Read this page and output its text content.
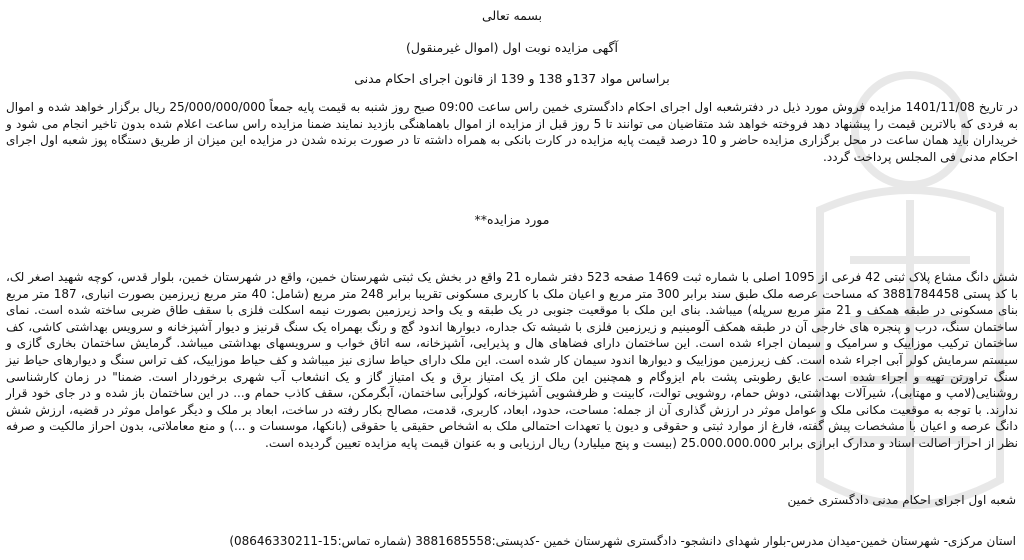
بسمه تعالی
آگهی مزایده نوبت اول (اموال غیرمنقول)
براساس مواد 137و 138 و 139 از قانون اجرای احکام مدنی
در تاریخ 1401/11/08 مزایده فروش مورد ذیل در دفترشعبه اول اجرای احکام دادگستری خمین راس ساعت 09:00 صبح روز شنبه به قیمت پایه جمعاً 25/000/000/000 ریال برگزار خواهد شده و اموال به فردی که بالاترین قیمت را پیشنهاد دهد فروخته خواهد شد متقاضیان می توانند تا 5 روز قبل از مزایده از اموال باهماهنگی بازدید نمایند ضمنا مزایده راس ساعت اعلام شده بدون تاخیر انجام می شود و خریداران باید همان ساعت در محل برگزاری مزایده حاضر و 10 درصد قیمت پایه مزایده در کارت بانکی به همراه داشته تا در صورت برنده شدن در مزایده این میزان از طریق دستگاه پوز شعبه اول اجرای احکام مدنی فی المجلس پرداخت گردد.
مورد مزایده**
شش دانگ مشاع پلاک ثبتی 42 فرعی از 1095 اصلی با شماره ثبت 1469 صفحه 523 دفتر شماره 21 واقع در بخش یک ثبتی شهرستان خمین، واقع در شهرستان خمین، بلوار قدس، کوچه شهید اصغر لک، با کد پستی 3881784458 که مساحت عرصه ملک طبق سند برابر 300 متر مربع و اعیان ملک با کاربری مسکونی تقریبا برابر 248 متر مربع (شامل: 40 متر مربع زیرزمین بصورت انباری، 187 متر مربع بنای مسکونی در طبقه همکف و 21 متر مربع سرپله) میباشد. بنای این ملک با موقعیت جنوبی در یک طبقه و یک واحد زیرزمین بصورت نیمه اسکلت فلزی با سقف طاق ضربی ساخته شده است. نمای ساختمان سنگ، درب و پنجره های خارجی آن در طبقه همکف آلومینیم و زیرزمین فلزی با شیشه تک جداره، دیوارها اندود گچ و رنگ بهمراه یک سنگ قرنیز و دیوار آشپزخانه و سرویس بهداشتی کاشی، کف ساختمان ترکیب موزاییک و سرامیک و سیمان اجراء شده است. این ساختمان دارای فضاهای هال و پذیرایی، آشپزخانه، سه اتاق خواب و سرویسهای بهداشتی میباشد. گرمایش ساختمان بخاری گازی و سیستم سرمایش کولر آبی اجراء شده است. کف زیرزمین موزاییک و دیوارها اندود سیمان کار شده است. این ملک دارای حیاط سازی نیز میباشد و کف حیاط موزاییک، کف تراس سنگ و دیوارهای حیاط نیز سنگ تراورتن تهیه و اجراء شده است. عایق رطوبتی پشت بام ایزوگام و همچنین این ملک از یک امتیاز برق و یک امتیاز گاز و یک انشعاب آب شهری برخوردار است. ضمنا" در زمان کارشناسی روشنایی(لامپ و مهتابی)، شیرآلات بهداشتی، دوش حمام، روشویی توالت، کابینت و ظرفشویی آشپزخانه، کولرآبی ساختمان، آبگرمکن، سقف کاذب حمام و... در این ساختمان باز شده و در جای خود قرار ندارند. با توجه به موقعیت مکانی ملک و عوامل موثر در ارزش گذاری آن از جمله: مساحت، حدود، ابعاد، کاربری، قدمت، مصالح بکار رفته در ساخت، ابعاد بر ملک و دیگر عوامل موثر در قضیه، ارزش شش دانگ عرصه و اعیان با مشخصات پیش گفته، فارغ از موارد ثبتی و حقوقی و دیون یا تعهدات احتمالی ملک به اشخاص حقیقی یا حقوقی (بانکها، موسسات و ...) و منع معاملاتی، بدون احراز مالکیت و صرفه نظر از احراز اصالت اسناد و مدارک ابرازی برابر 25.000.000.000 (بیست و پنج میلیارد) ریال ارزیابی و به عنوان قیمت پایه مزایده تعیین گردیده است.
شعبه اول اجرای احکام مدنی دادگستری خمین
استان مرکزی- شهرستان خمین-میدان مدرس-بلوار شهدای دانشجو- دادگستری شهرستان خمین -کدپستی:3881685558 (شماره تماس:15-08646330211)
